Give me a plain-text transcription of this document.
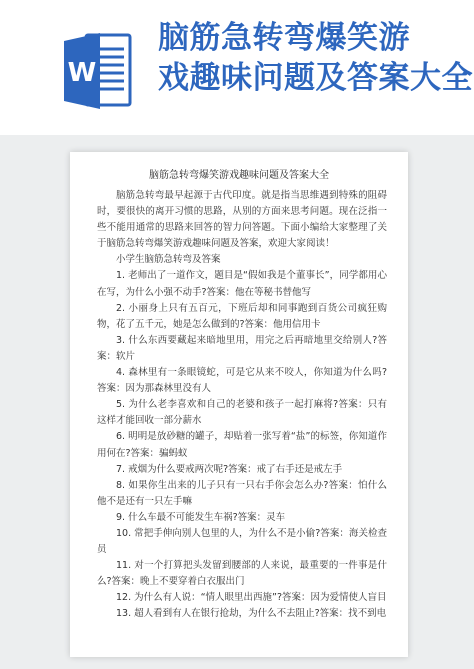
W
脑筋急转弯爆笑游
戏趣味问题及答案大全
脑筋急转弯爆笑游戏趣味问题及答案大全

脑筋急转弯最早起源于古代印度。就是指当思维遇到特殊的阻碍时，要很快的离开习惯的思路，从别的方面来思考问题。现在泛指一些不能用通常的思路来回答的智力问答题。下面小编给大家整理了关于脑筋急转弯爆笑游戏趣味问题及答案，欢迎大家阅读！

小学生脑筋急转弯及答案

1. 老师出了一道作文，题目是“假如我是个董事长”，同学都用心在写，为什么小强不动手?答案：他在等秘书替他写

2. 小丽身上只有五百元，下班后却和同事跑到百货公司疯狂购物，花了五千元，她是怎么做到的?答案：他用信用卡

3. 什么东西要藏起来暗地里用，用完之后再暗地里交给别人?答案：软片

4. 森林里有一条眼镜蛇，可是它从来不咬人，你知道为什么吗?答案：因为那森林里没有人

5. 为什么老李喜欢和自己的老婆和孩子一起打麻将?答案：只有这样才能回收一部分薪水

6. 明明是放砂糖的罐子，却贴着一张写着“盐”的标签，你知道作用何在?答案：骗蚂蚁

7. 戒烟为什么要戒两次呢?答案：戒了右手还是戒左手

8. 如果你生出来的儿子只有一只右手你会怎么办?答案：怕什么他不是还有一只左手嘛

9. 什么车最不可能发生车祸?答案：灵车

10. 常把手伸向别人包里的人，为什么不是小偷?答案：海关检查员

11. 对一个打算把头发留到腰部的人来说，最重要的一件事是什么?答案：晚上不要穿着白衣服出门

12. 为什么有人说：“情人眼里出西施”?答案：因为爱情使人盲目

13. 超人看到有人在银行抢劫，为什么不去阻止?答案：找不到电
